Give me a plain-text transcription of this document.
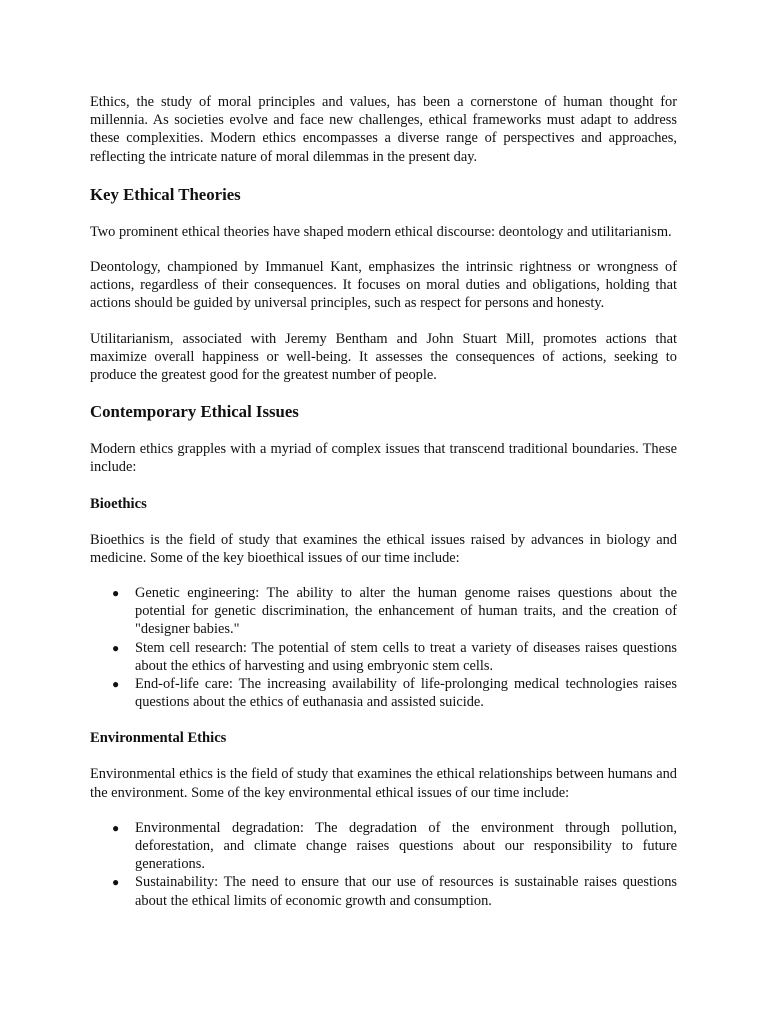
Ethics, the study of moral principles and values, has been a cornerstone of human thought for millennia. As societies evolve and face new challenges, ethical frameworks must adapt to address these complexities. Modern ethics encompasses a diverse range of perspectives and approaches, reflecting the intricate nature of moral dilemmas in the present day.

Key Ethical Theories

Two prominent ethical theories have shaped modern ethical discourse: deontology and utilitarianism.

Deontology, championed by Immanuel Kant, emphasizes the intrinsic rightness or wrongness of actions, regardless of their consequences. It focuses on moral duties and obligations, holding that actions should be guided by universal principles, such as respect for persons and honesty.

Utilitarianism, associated with Jeremy Bentham and John Stuart Mill, promotes actions that maximize overall happiness or well-being. It assesses the consequences of actions, seeking to produce the greatest good for the greatest number of people.

Contemporary Ethical Issues

Modern ethics grapples with a myriad of complex issues that transcend traditional boundaries. These include:

Bioethics

Bioethics is the field of study that examines the ethical issues raised by advances in biology and medicine. Some of the key bioethical issues of our time include:

● Genetic engineering: The ability to alter the human genome raises questions about the potential for genetic discrimination, the enhancement of human traits, and the creation of "designer babies."
● Stem cell research: The potential of stem cells to treat a variety of diseases raises questions about the ethics of harvesting and using embryonic stem cells.
● End-of-life care: The increasing availability of life-prolonging medical technologies raises questions about the ethics of euthanasia and assisted suicide.
Environmental Ethics

Environmental ethics is the field of study that examines the ethical relationships between humans and the environment. Some of the key environmental ethical issues of our time include:

● Environmental degradation: The degradation of the environment through pollution, deforestation, and climate change raises questions about our responsibility to future generations.
● Sustainability: The need to ensure that our use of resources is sustainable raises questions about the ethical limits of economic growth and consumption.
